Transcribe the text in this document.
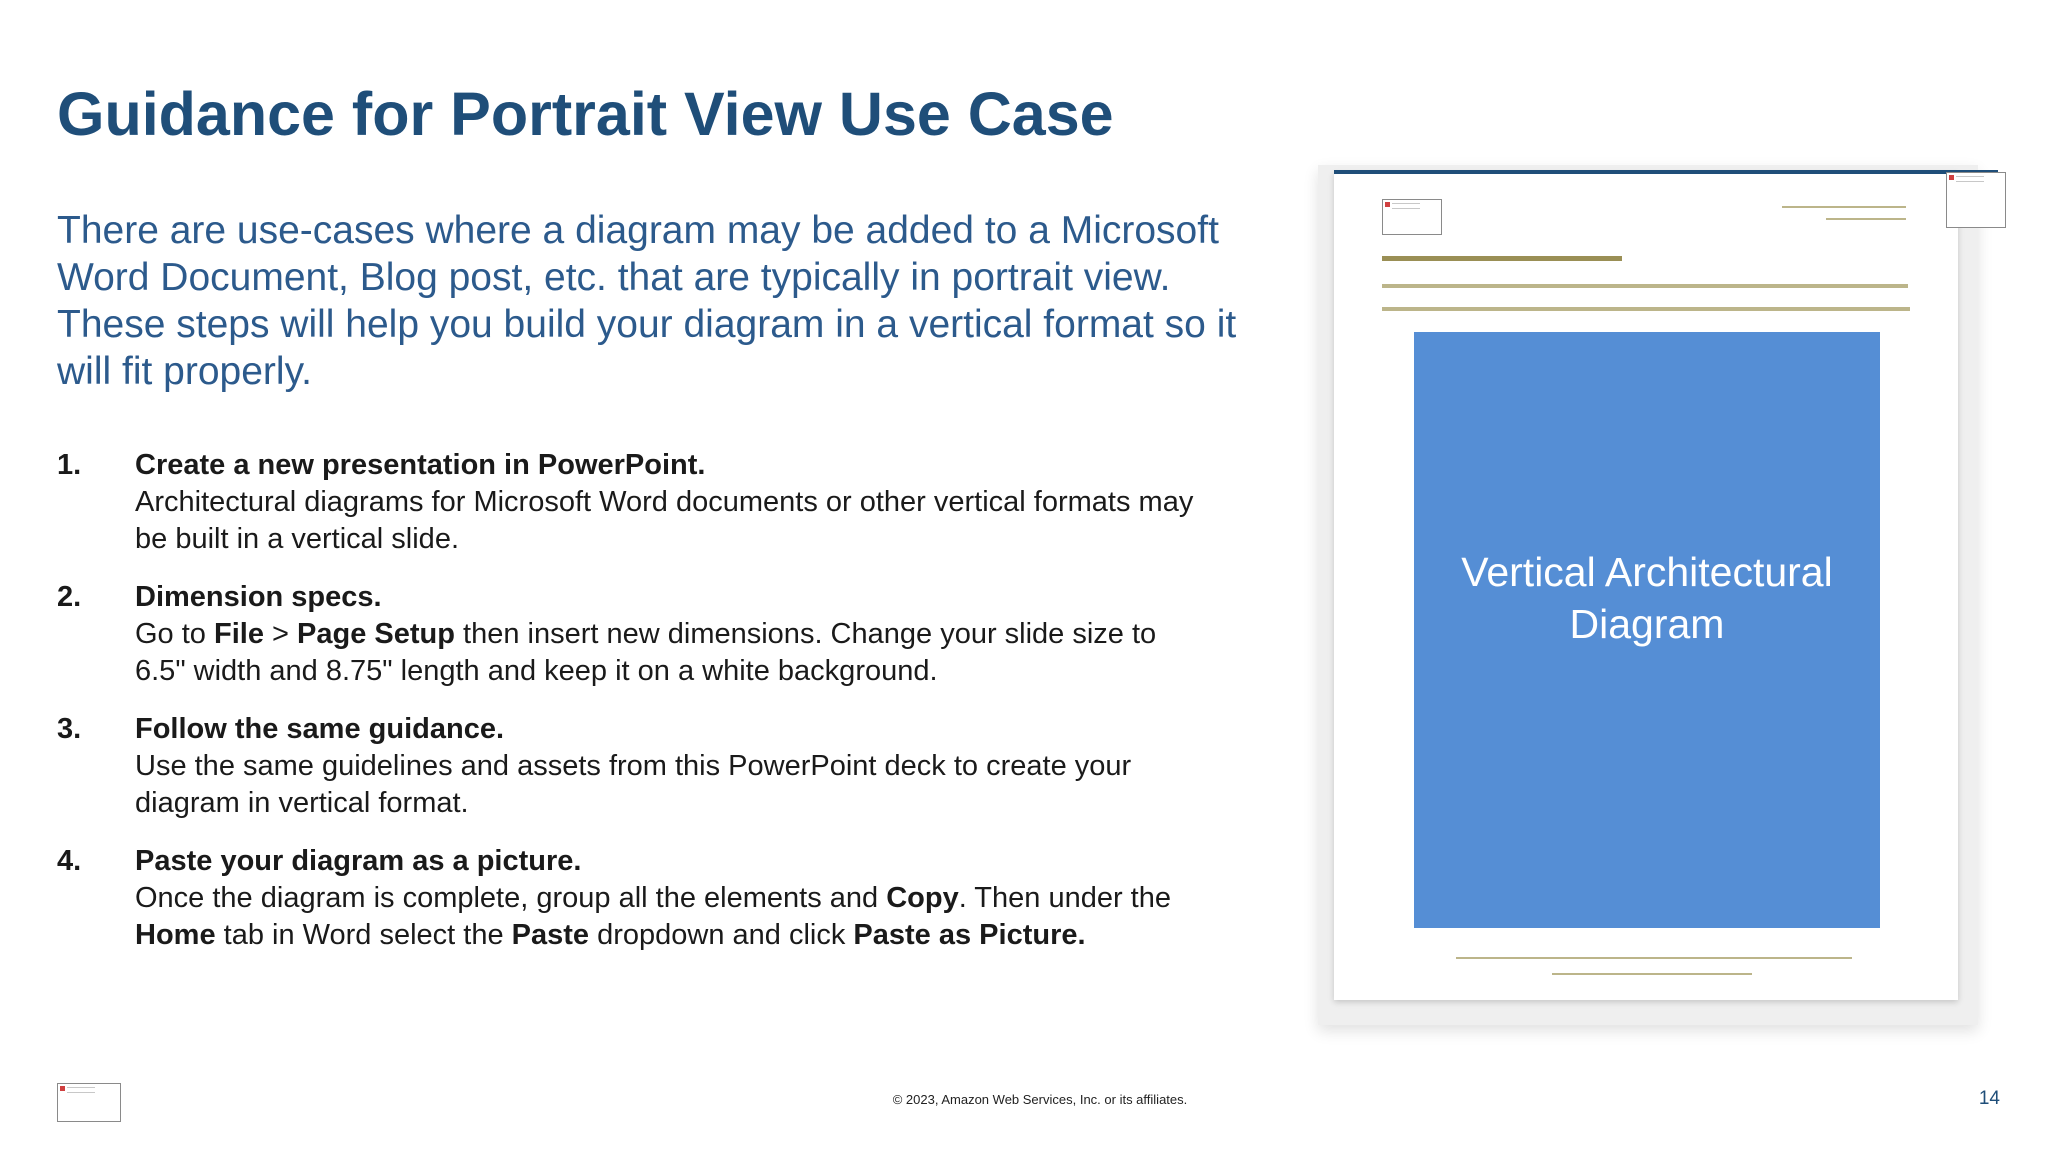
Guidance for Portrait View Use Case
There are use-cases where a diagram may be added to a Microsoft Word Document, Blog post, etc. that are typically in portrait view. These steps will help you build your diagram in a vertical format so it will fit properly.
1. Create a new presentation in PowerPoint.
Architectural diagrams for Microsoft Word documents or other vertical formats may be built in a vertical slide.
2. Dimension specs.
Go to File > Page Setup then insert new dimensions. Change your slide size to 6.5" width and 8.75" length and keep it on a white background.
3. Follow the same guidance.
Use the same guidelines and assets from this PowerPoint deck to create your diagram in vertical format.
4. Paste your diagram as a picture.
Once the diagram is complete, group all the elements and Copy. Then under the Home tab in Word select the Paste dropdown and click Paste as Picture.
Vertical Architectural Diagram
© 2023, Amazon Web Services, Inc. or its affiliates.	14
